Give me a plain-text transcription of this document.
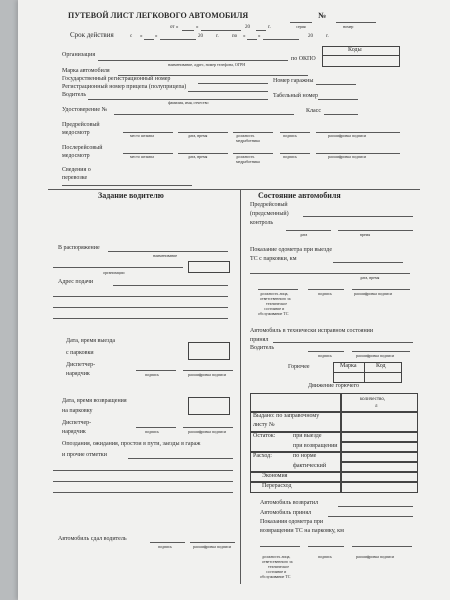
ПУТЕВОЙ ЛИСТ ЛЕГКОВОГО АВТОМОБИЛЯ	№
серия	номер
от «	»	20	г.
Срок действия	с «	»	20	г.	по «	»	20	г.
Коды
Организация
по ОКПО
наименование, адрес, номер телефона, ОГРН
Марка автомобиля
Государственный регистрационный номер	Номер гаражны
Регистрационный номер прицепа (полуприцепа)
Водитель	Табельный номер
фамилия, имя, отчество
Удостоверение №	Класс
Предрейсовый
медосмотр	место штампа	дата, время	должность
медработника
подпись	расшифровка подписи
Послерейсовый
медосмотр	место штампа	дата, время	должность
медработника
подпись	расшифровка подписи
Сведения о
перевозке
Задание водителю
В распоряжение
наименование
организации
Адрес подачи
Дата, время выезда
с парковки
Диспетчер-
нарядчик	подпись	расшифровка подписи
Дата, время возвращения
на парковку
Диспетчер-
нарядчик	подпись	расшифровка подписи
Опоздания, ожидания, простои в пути, заезды в гараж
и прочие отметки
Автомобиль сдал водитель
подпись	расшифровка подписи
Состояние автомобиля
Предрейсовый
(предсменный)
контроль
дата	время
Показание одометра при выезде
ТС с парковки, км
дата, время
должность лица,
ответственного за
техническое
состояние и
обслуживание ТС
подпись	расшифровка подписи
Автомобиль в технически исправном состоянии
принял
Водитель
подпись	расшифровка подписи
Горючее	Марка	Код
Движение горючего
количество,
л
Выдано: по заправочному
листу №
Остаток:	при выезде
при возвращении
Расход:	по норме
фактический
Экономия
Перерасход
Автомобиль возвратил
Автомобиль принял
Показания одометра при
возвращении ТС на парковку, км
должность лица,
ответственного за
техническое
состояние и
обслуживание ТС
подпись	расшифровка подписи
